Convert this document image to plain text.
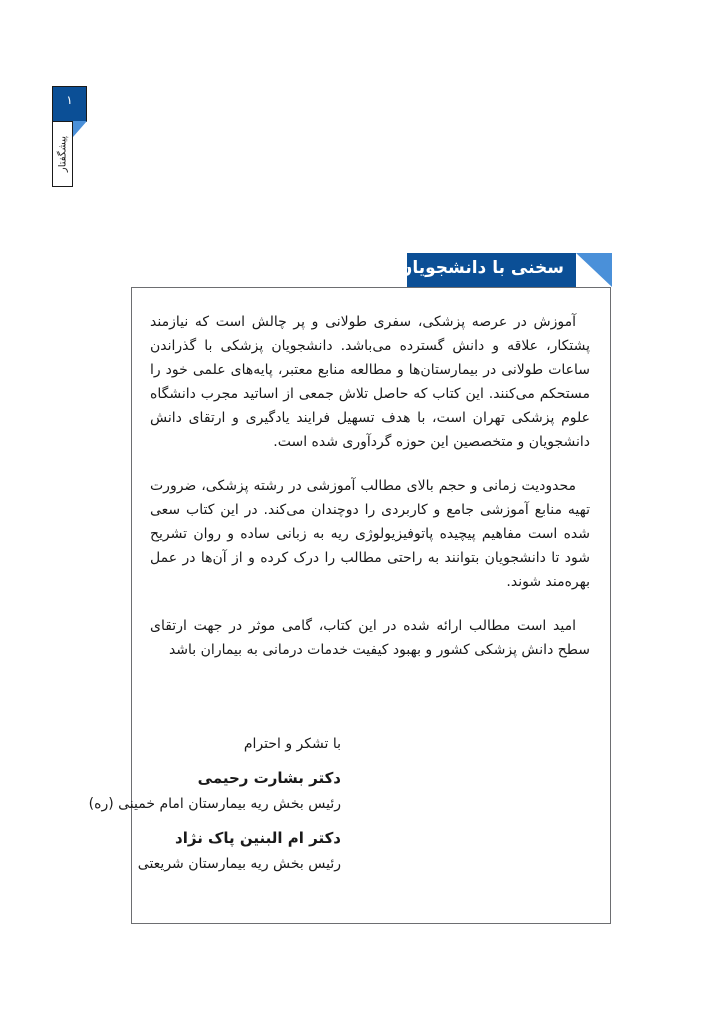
۱
پیشگفتار
سخنی با دانشجویان

آموزش در عرصه پزشکی، سفری طولانی و پر چالش است که نیازمند پشتکار، علاقه و دانش گسترده می‌باشد. دانشجویان پزشکی با گذراندن ساعات طولانی در بیمارستان‌ها و مطالعه منابع معتبر، پایه‌های علمی خود را مستحکم می‌کنند. این کتاب که حاصل تلاش جمعی از اساتید مجرب دانشگاه علوم پزشکی تهران است، با هدف تسهیل فرایند یادگیری و ارتقای دانش دانشجویان و متخصصین این حوزه گردآوری شده است.

محدودیت زمانی و حجم بالای مطالب آموزشی در رشته پزشکی، ضرورت تهیه منابع آموزشی جامع و کاربردی را دوچندان می‌کند. در این کتاب سعی شده است مفاهیم پیچیده پاتوفیزیولوژی ریه به زبانی ساده و روان تشریح شود تا دانشجویان بتوانند به راحتی مطالب را درک کرده و از آن‌ها در عمل بهره‌مند شوند.

امید است مطالب ارائه شده در این کتاب، گامی موثر در جهت ارتقای سطح دانش پزشکی کشور و بهبود کیفیت خدمات درمانی به بیماران باشد

با تشکر و احترام
دکتر بشارت رحیمی
رئیس بخش ریه بیمارستان امام خمینی (ره)
دکتر ام البنین پاک نژاد
رئیس بخش ریه بیمارستان شریعتی
